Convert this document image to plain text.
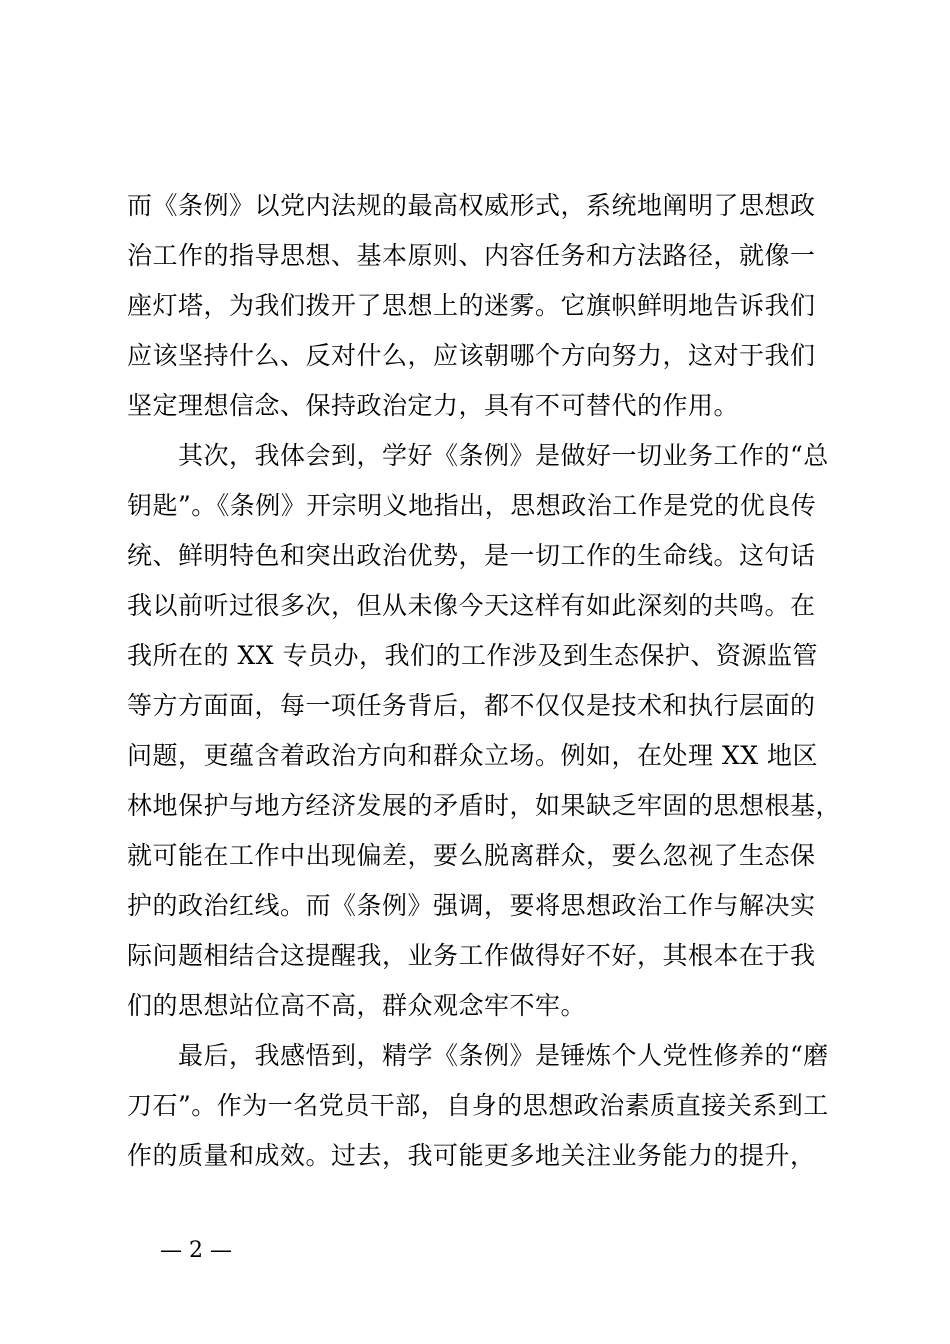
而《条例》以党内法规的最高权威形式，系统地阐明了思想政
治工作的指导思想、基本原则、内容任务和方法路径，就像一
座灯塔，为我们拨开了思想上的迷雾。它旗帜鲜明地告诉我们
应该坚持什么、反对什么，应该朝哪个方向努力，这对于我们
坚定理想信念、保持政治定力，具有不可替代的作用。
　　其次，我体会到，学好《条例》是做好一切业务工作的“总
钥匙”。《条例》开宗明义地指出，思想政治工作是党的优良传
统、鲜明特色和突出政治优势，是一切工作的生命线。这句话
我以前听过很多次，但从未像今天这样有如此深刻的共鸣。在
我所在的 XX 专员办，我们的工作涉及到生态保护、资源监管
等方方面面，每一项任务背后，都不仅仅是技术和执行层面的
问题，更蕴含着政治方向和群众立场。例如，在处理 XX 地区
林地保护与地方经济发展的矛盾时，如果缺乏牢固的思想根基，
就可能在工作中出现偏差，要么脱离群众，要么忽视了生态保
护的政治红线。而《条例》强调，要将思想政治工作与解决实
际问题相结合这提醒我，业务工作做得好不好，其根本在于我
们的思想站位高不高，群众观念牢不牢。
　　最后，我感悟到，精学《条例》是锤炼个人党性修养的“磨
刀石”。作为一名党员干部，自身的思想政治素质直接关系到工
作的质量和成效。过去，我可能更多地关注业务能力的提升，
— 2 —
